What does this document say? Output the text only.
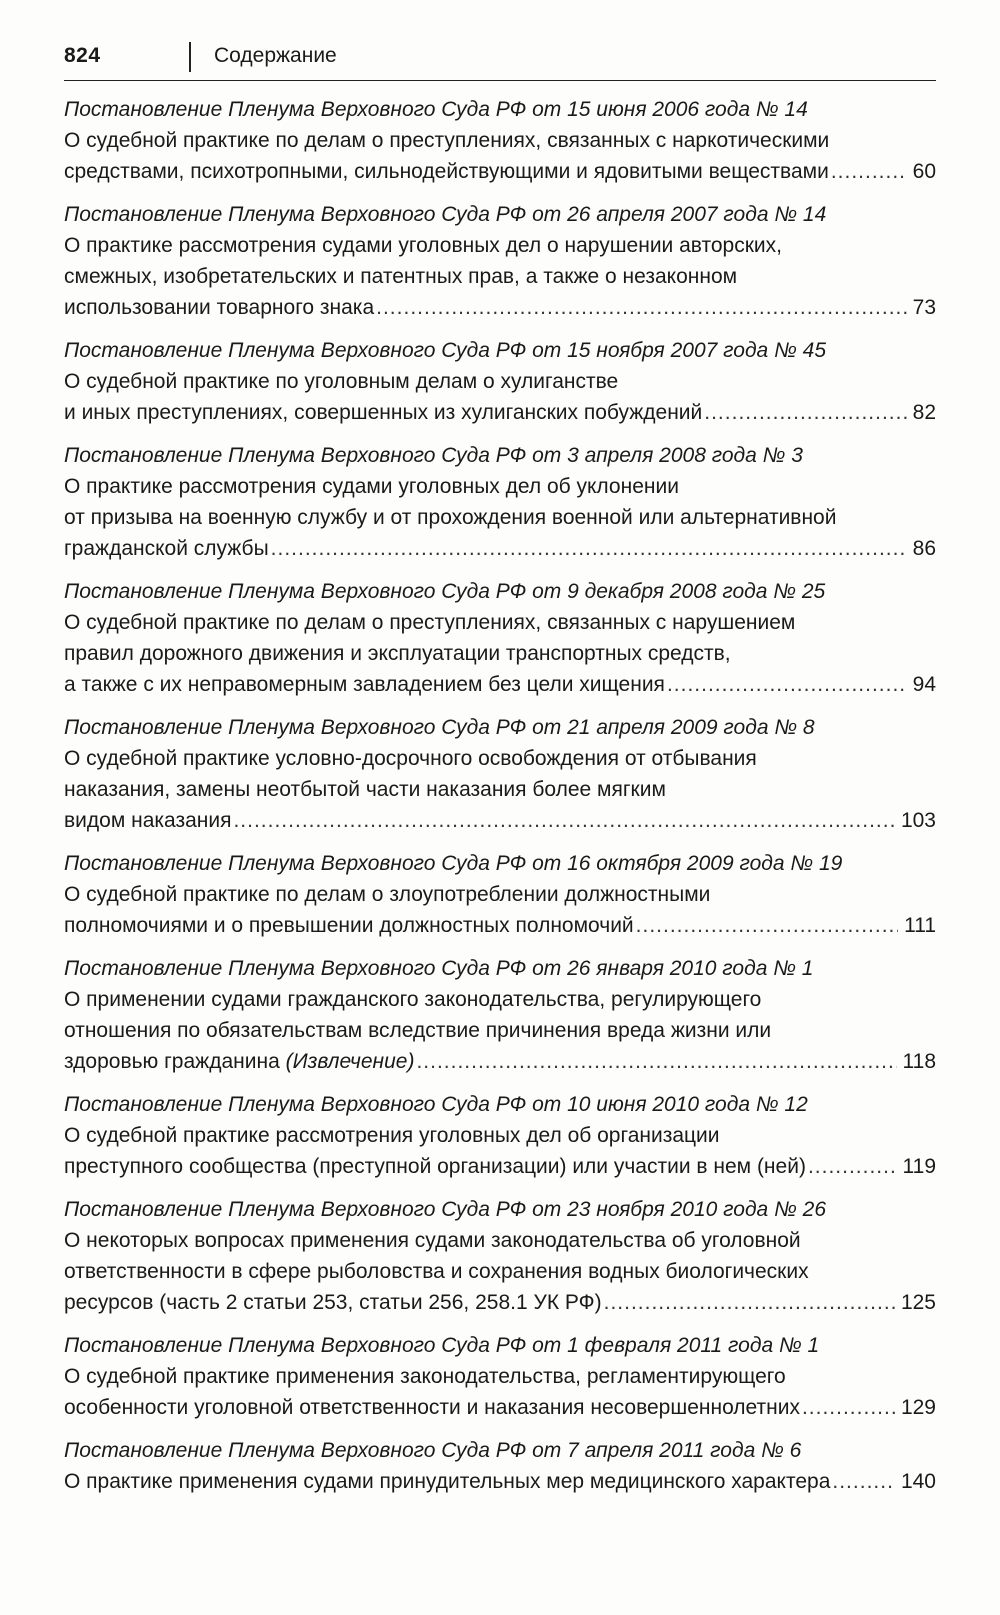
824	Содержание
Постановление Пленума Верховного Суда РФ от 15 июня 2006 года № 14
О судебной практике по делам о преступлениях, связанных с наркотическими
средствами, психотропными, сильнодействующими и ядовитыми веществами .....	60
Постановление Пленума Верховного Суда РФ от 26 апреля 2007 года № 14
О практике рассмотрения судами уголовных дел о нарушении авторских,
смежных, изобретательских и патентных прав, а также о незаконном
использовании товарного знака .....	73
Постановление Пленума Верховного Суда РФ от 15 ноября 2007 года № 45
О судебной практике по уголовным делам о хулиганстве
и иных преступлениях, совершенных из хулиганских побуждений .....	82
Постановление Пленума Верховного Суда РФ от 3 апреля 2008 года № 3
О практике рассмотрения судами уголовных дел об уклонении
от призыва на военную службу и от прохождения военной или альтернативной
гражданской службы .....	86
Постановление Пленума Верховного Суда РФ от 9 декабря 2008 года № 25
О судебной практике по делам о преступлениях, связанных с нарушением
правил дорожного движения и эксплуатации транспортных средств,
а также с их неправомерным завладением без цели хищения .....	94
Постановление Пленума Верховного Суда РФ от 21 апреля 2009 года № 8
О судебной практике условно-досрочного освобождения от отбывания
наказания, замены неотбытой части наказания более мягким
видом наказания .....	103
Постановление Пленума Верховного Суда РФ от 16 октября 2009 года № 19
О судебной практике по делам о злоупотреблении должностными
полномочиями и о превышении должностных полномочий .....	111
Постановление Пленума Верховного Суда РФ от 26 января 2010 года № 1
О применении судами гражданского законодательства, регулирующего
отношения по обязательствам вследствие причинения вреда жизни или
здоровью гражданина
(Извлечение) .....	118
Постановление Пленума Верховного Суда РФ от 10 июня 2010 года № 12
О судебной практике рассмотрения уголовных дел об организации
преступного сообщества (преступной организации) или участии в нем (ней) .....	119
Постановление Пленума Верховного Суда РФ от 23 ноября 2010 года № 26
О некоторых вопросах применения судами законодательства об уголовной
ответственности в сфере рыболовства и сохранения водных биологических
ресурсов (часть 2 статьи 253, статьи 256, 258.1 УК РФ) .....	125
Постановление Пленума Верховного Суда РФ от 1 февраля 2011 года № 1
О судебной практике применения законодательства, регламентирующего
особенности уголовной ответственности и наказания несовершеннолетних .....	129
Постановление Пленума Верховного Суда РФ от 7 апреля 2011 года № 6
О практике применения судами принудительных мер медицинского характера .....	140
